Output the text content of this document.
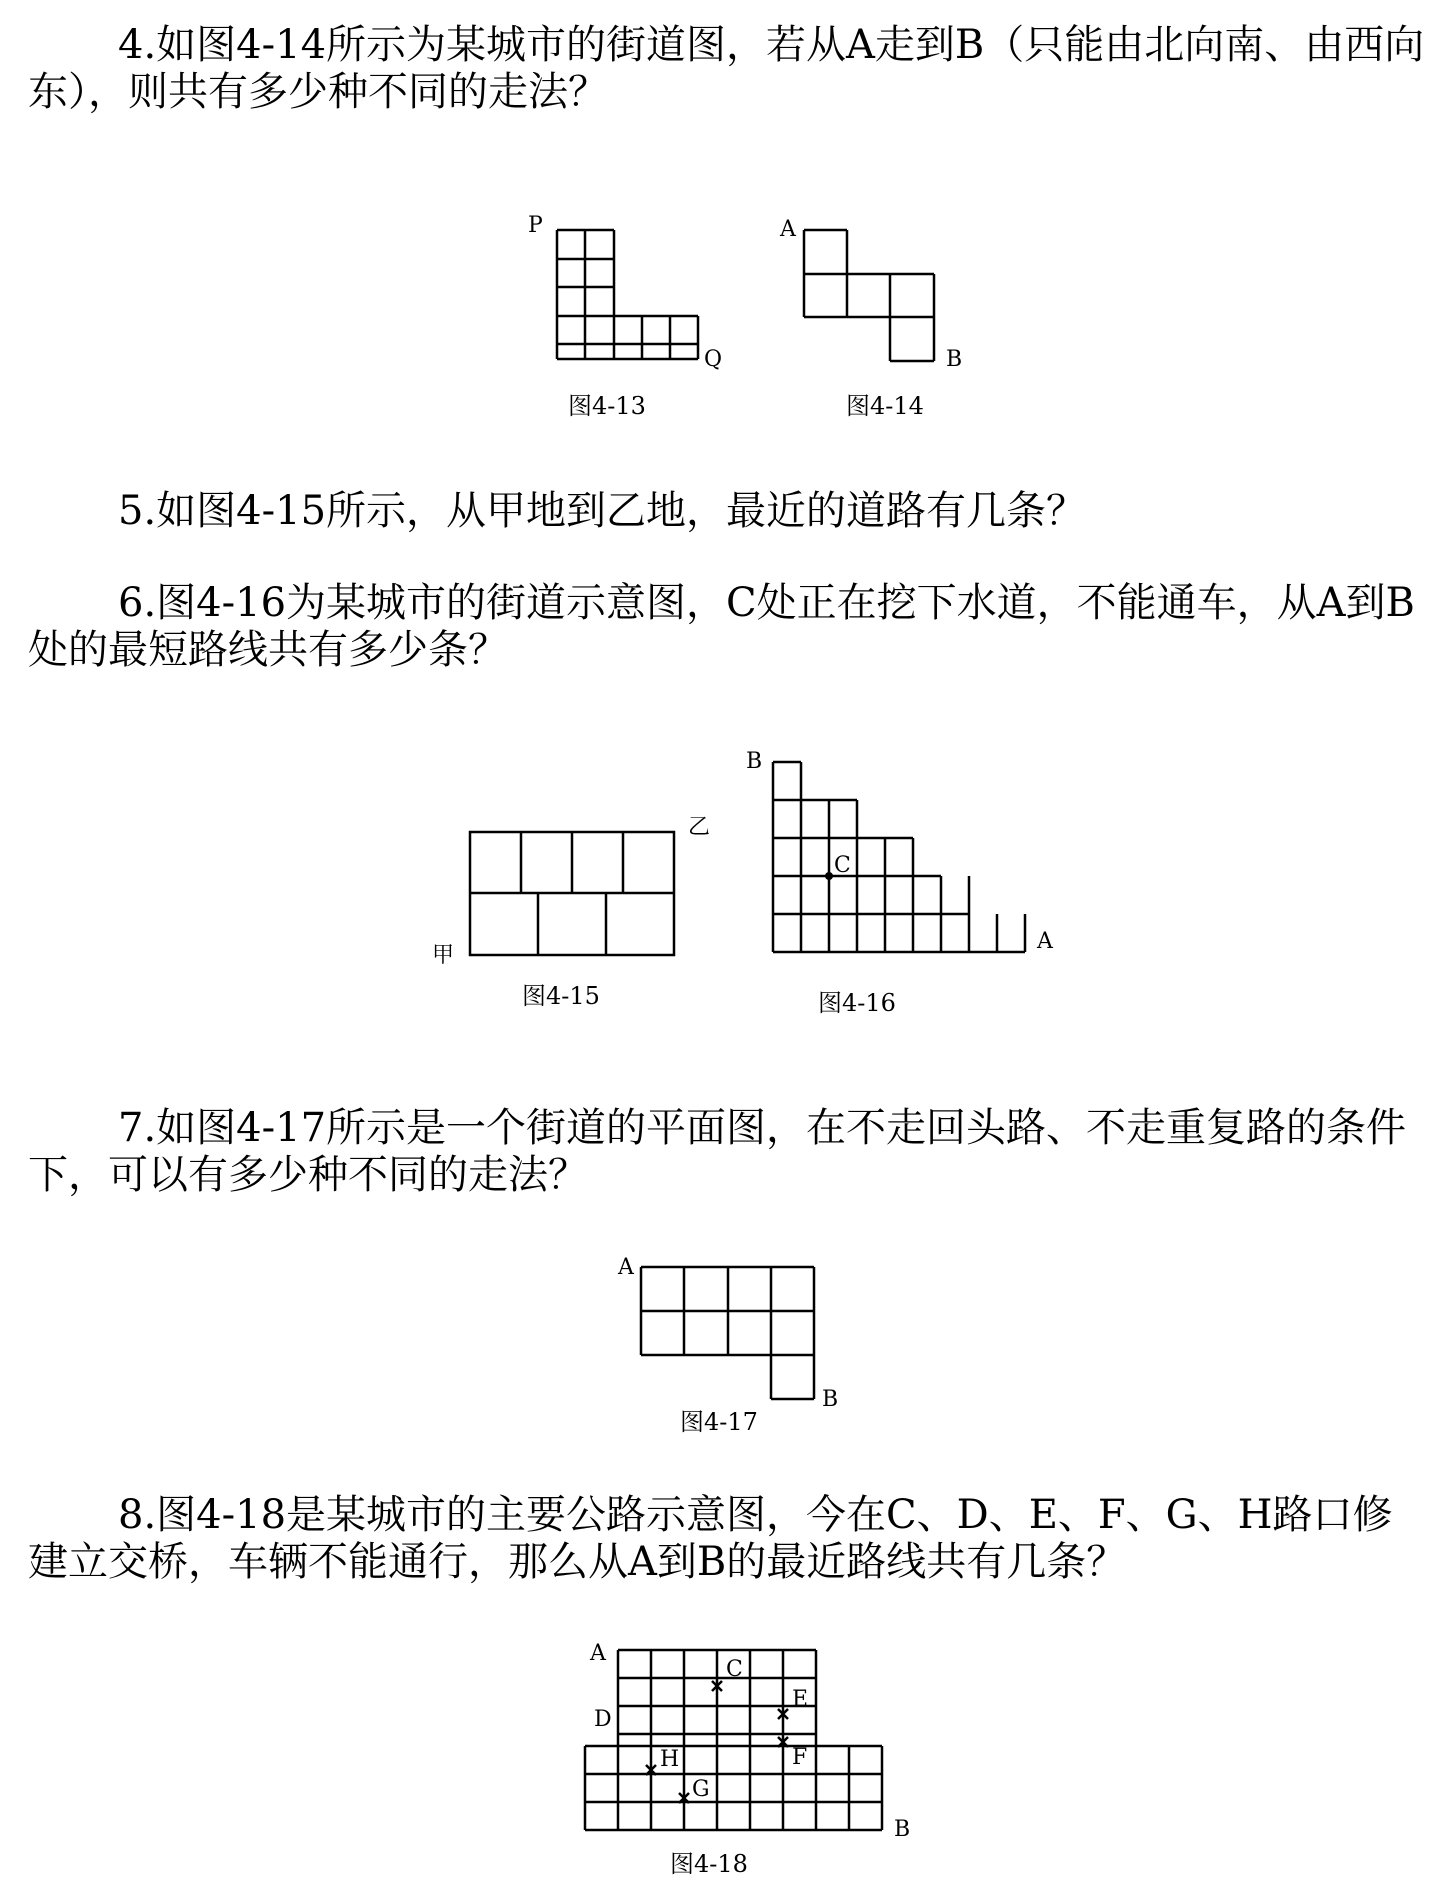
4.如图4-14所示为某城市的街道图，若从A走到B（只能由北向南、由西向东），则共有多少种不同的走法？

P
Q
图4-13
A
B
图4-14

5.如图4-15所示，从甲地到乙地，最近的道路有几条？

6.图4-16为某城市的街道示意图，C处正在挖下水道，不能通车，从A到B处的最短路线共有多少条？

甲
乙
图4-15
B
C
A
图4-16

7.如图4-17所示是一个街道的平面图，在不走回头路、不走重复路的条件下，可以有多少种不同的走法？

A
B
图4-17

8.图4-18是某城市的主要公路示意图，今在C、D、E、F、G、H路口修建立交桥，车辆不能通行，那么从A到B的最近路线共有几条？

A
C
D
E
F
H
G
B
图4-18
